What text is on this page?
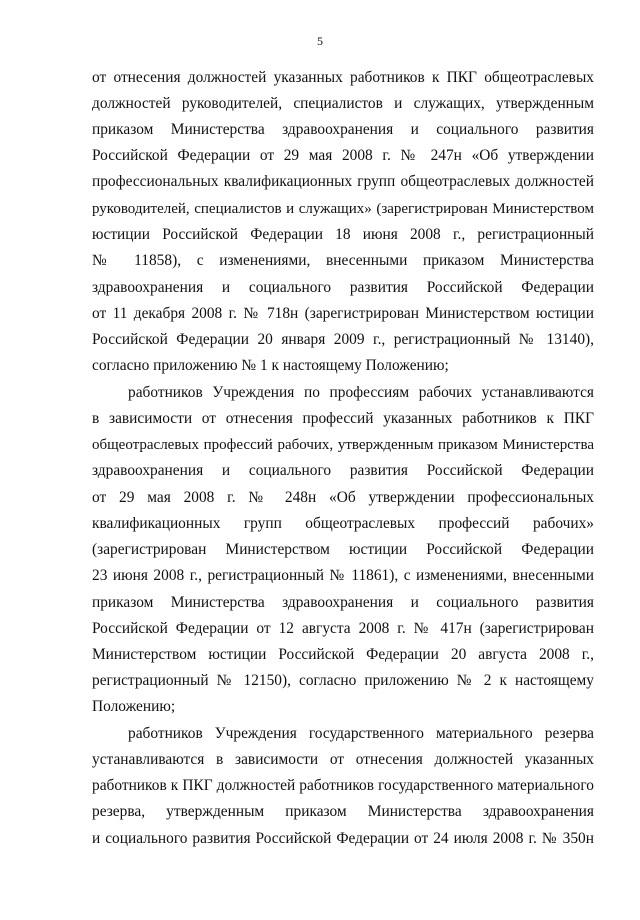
5
от отнесения должностей указанных работников к ПКГ общеотраслевых
должностей руководителей, специалистов и служащих, утвержденным
приказом Министерства здравоохранения и социального развития
Российской Федерации от 29 мая 2008 г. № 247н «Об утверждении
профессиональных квалификационных групп общеотраслевых должностей
руководителей, специалистов и служащих» (зарегистрирован Министерством
юстиции Российской Федерации 18 июня 2008 г., регистрационный
№ 11858), с изменениями, внесенными приказом Министерства
здравоохранения и социального развития Российской Федерации
от 11 декабря 2008 г. № 718н (зарегистрирован Министерством юстиции
Российской Федерации 20 января 2009 г., регистрационный № 13140),
согласно приложению № 1 к настоящему Положению;
работников Учреждения по профессиям рабочих устанавливаются
в зависимости от отнесения профессий указанных работников к ПКГ
общеотраслевых профессий рабочих, утвержденным приказом Министерства
здравоохранения и социального развития Российской Федерации
от 29 мая 2008 г. № 248н «Об утверждении профессиональных
квалификационных групп общеотраслевых профессий рабочих»
(зарегистрирован Министерством юстиции Российской Федерации
23 июня 2008 г., регистрационный № 11861), с изменениями, внесенными
приказом Министерства здравоохранения и социального развития
Российской Федерации от 12 августа 2008 г. № 417н (зарегистрирован
Министерством юстиции Российской Федерации 20 августа 2008 г.,
регистрационный № 12150), согласно приложению № 2 к настоящему
Положению;
работников Учреждения государственного материального резерва
устанавливаются в зависимости от отнесения должностей указанных
работников к ПКГ должностей работников государственного материального
резерва, утвержденным приказом Министерства здравоохранения
и социального развития Российской Федерации от 24 июля 2008 г. № 350н
